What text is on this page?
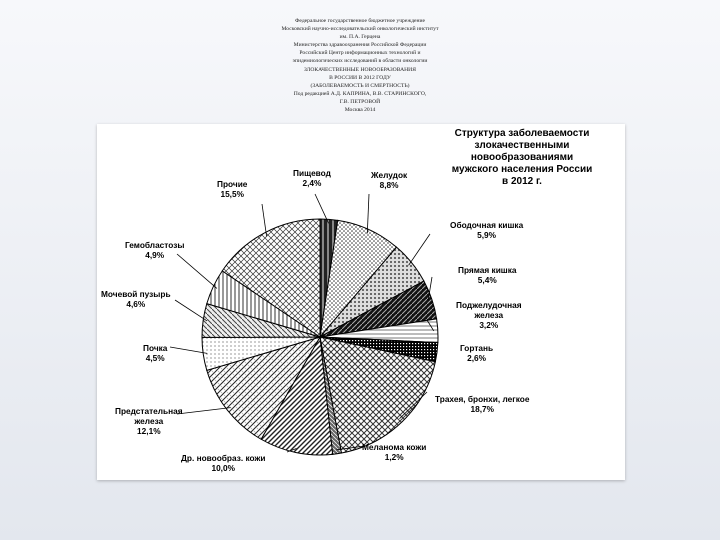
Федеральное государственное бюджетное учреждение
Московский научно-исследовательский онкологический институт
им. П.А. Герцена
Министерства здравоохранения Российской Федерации
Российский Центр информационных технологий и
эпидемиологических исследований в области онкологии
ЗЛОКАЧЕСТВЕННЫЕ НОВООБРАЗОВАНИЯ
В РОССИИ В 2012 ГОДУ
(ЗАБОЛЕВАЕМОСТЬ И СМЕРТНОСТЬ)
Под редакцией А.Д. КАПРИНА, В.В. СТАРИНСКОГО,
Г.В. ПЕТРОВОЙ
Москва 2014
Структура заболеваемости
злокачественными новообразованиями
мужского населения России
в 2012 г.
Пищевод
2,4%
Желудок
8,8%
Ободочная кишка
5,9%
Прямая кишка
5,4%
Поджелудочная
железа
3,2%
Гортань
2,6%
Трахея, бронхи, легкое
18,7%
Меланома кожи
1,2%
Др. новообраз. кожи
10,0%
Предстательная
железа
12,1%
Почка
4,5%
Мочевой пузырь
4,6%
Гемобластозы
4,9%
Прочие
15,5%
